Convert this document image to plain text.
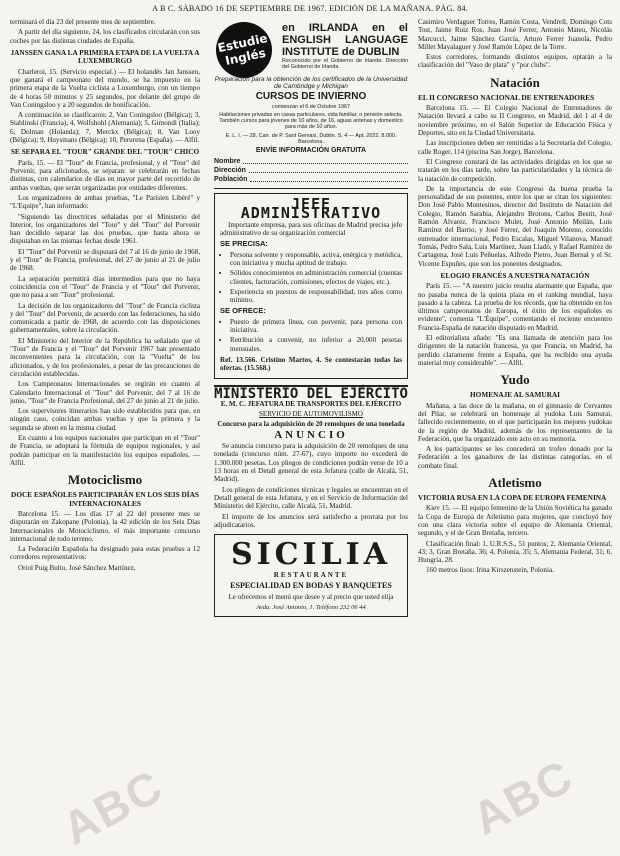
ABC
ABC
A B C. SÁBADO 16 DE SEPTIEMBRE DE 1967. EDICIÓN DE LA MAÑANA. PÁG. 84.

terminará el día 23 del presente mes de septiembre.

A partir del día siguiente, 24, los clasificados circularán con sus coches por las distintas ciudades de España.

JANSSEN GANA LA PRIMERA ETAPA DE LA VUELTA A LUXEMBURGO

Charleroi, 15. (Servicio especial.) — El holandés Jan Janssen, que ganará el campeonato del mundo, se ha impuesto en la primera etapa de la Vuelta ciclista a Luxemburgo, con un tiempo de 4 horas 50 minutos y 25 segundos, por delante del grupo de Van Coningsloo y a 20 segundos de bonificación.

A continuación se clasificaron: 2, Van Coningsloo (Bélgica); 3, Stablinski (Francia), 4, Wolfshohl (Alemania); 5, Gimondi (Italia); 6, Dolman (Holanda); 7, Merckx (Bélgica); 8, Van Looy (Bélgica); 9, Huysmans (Bélgica); 10, Perurena (España). — Alfil.

SE SEPARA EL "TOUR" GRANDE DEL "TOUR" CHICO

París, 15. — El "Tour" de Francia, profesional, y el "Tour" del Porvenir, para aficionados, se separan: se celebrarán en fechas distintas, con calendarios de días en mayor parte del recorrido de ambas vueltas, que serán organizadas por entidades diferentes.

Los organizadores de ambas pruebas, "Le Parisien Libéré" y "L'Equipe", han informado:

"Siguiendo las directrices señaladas por el Ministerio del Interior, los organizadores del "Tour" y del "Tour" del Porvenir han decidido separar las dos pruebas, que hasta ahora se disputaban en las mismas fechas desde 1961.

El "Tour" del Porvenir se disputará del 7 al 16 de junio de 1968, y el "Tour" de Francia, profesional, del 27 de junio al 21 de julio de 1968.

La separación permitirá días intermedios para que no haya coincidencia con el "Tour" de Francia y el "Tour" del Porvenir, que no pasa a ser "Tour" profesional.

La decisión de los organizadores del "Tour" de Francia ciclista y del "Tour" del Porvenir, de acuerdo con las federaciones, ha sido comunicada a partir de 1968, de acuerdo con las disposiciones gubernamentales, sobre la circulación.

El Ministerio del Interior de la República ha señalado que el "Tour" de Francia y el "Tour" del Porvenir 1967 han presentado inconvenientes para la circulación, con la "Vuelta" de los aficionados, y de los profesionales, a pesar de las precauciones de circulación establecidas.

Los Campeonatos Internacionales se regirán en cuanto al Calendario Internacional el "Tour" del Porvenir, del 7 al 16 de junio, "Tour" de Francia Profesional, del 27 de junio al 21 de julio.

Los supervisores itinerarios han sido establecidos para que, en ningún caso, coincidan ambas vueltas y que la primera y la segunda se abren en la misma ciudad.

En cuanto a los equipos nacionales que participan en el "Tour" de Francia, se adoptará la fórmula de equipos regionales, y así podrán participar en la manifestación los equipos españoles. — Alfil.

Motociclismo
DOCE ESPAÑOLES PARTICIPARÁN EN LOS SEIS DÍAS INTERNACIONALES

Barcelona 15. — Los días 17 al 22 del presente mes se disputarán en Zakopane (Polonia), la 42 edición de los Seis Días Internacionales de Motociclismo, el más importante concurso internacional de todo terreno.

La Federación Española ha designado para estas pruebas a 12 corredores representativos:

Oriol Puig Bulto, José Sánchez Martínez,

Estudie Inglés
en IRLANDA en el ENGLISH LANGUAGE INSTITUTE de DUBLIN
Reconocido por el Gobierno de Irlanda. Dirección del Gobierno de Irlanda.
Preparación para la obtención de los certificados de la Universidad de Cambridge y Michigan
CURSOS DE INVIERNO
comienzan el 6 de Octubre 1967
Habitaciones privadas en casas particulares, vida familiar, o pensión selecta. También cursos para jóvenes de 10 años, de 16, aguas antenas y domestico para más de 10 años.
E. L. I. — 28, Carr. de P. Sant Gervasi, Dublin. S. 4 — Apt. 2022, 8.000. Barcelona.
ENVÍE INFORMACIÓN GRATUITA
Nombre
Dirección
Población
JEFE ADMINISTRATIVO

Importante empresa, para sus oficinas de Madrid precisa jefe administrativo de su organización comercial

SE PRECISA:
• Persona solvente y responsable, activa, enérgica y metódica, con iniciativa y mucha aptitud de trabajo.
• Sólidos conocimientos en administración comercial (cuentas clientes, facturación, comisiones, efectos de viajes, etc.).
• Experiencia en puestos de responsabilidad, tres años como mínimo.
SE OFRECE:
• Puesto de primera línea, con porvenir, para persona con iniciativa.
• Retribución a convenir, no inferior a 20.000 pesetas mensuales.

Ref. 13.566. Cristino Martos, 4. Se contestarán todas las ofertas. (15.568.)

MINISTERIO DEL EJÉRCITO
E. M. C. JEFATURA DE TRANSPORTES DEL EJÉRCITO
SERVICIO DE AUTOMOVILISMO
Concurso para la adquisición de 20 remolques de una tonelada
ANUNCIO

Se anuncia concurso para la adquisición de 20 remolques de una tonelada (concurso núm. 27-67), cuyo importe no excederá de 1.300.000 pesetas. Los pliegos de condiciones podrán verse de 10 a 13 horas en el Detall general de esta Jefatura (calle de Alcalá, 51, Madrid).

Los pliegos de condiciones técnicas y legales se encuentran en el Detall general de esta Jefatura, y en el Servicio de Información del Ministerio del Ejército, calle Alcalá, 51, Madrid.

El importe de los anuncios será satisfecho a prorrata por los adjudicatarios.

SICILIA
RESTAURANTE
ESPECIALIDAD EN BODAS Y BANQUETES
Le ofrecemos el menú que desee y al precio que usted elija
Avda. José Antonio, 1. Teléfono 232 06 44

Casimiro Verdaguer Torres, Ramón Costa, Vendrell, Domingo Cots Tost, Jaime Ruiz Ros, Juan José Ferrer, Antonio Mateu, Nicolás Marcucci, Jaime Sánchez García, Arturo Ferrer Juanola, Pedro Millet Mayalaguer y José Ramón López de la Torre.

Estos corredores, formando distintos equipos, optarán a la clasificación del "Vaso de plata" y "por clubs".

Natación
EL II CONGRESO NACIONAL DE ENTRENADORES

Barcelona 15. — El Colegio Nacional de Entrenadores de Natación llevará a cabo su II Congreso, en Madrid, del 1 al 4 de noviembre próximo, en el Salón Superior de Educación Física y Deportes, sito en la Ciudad Universitaria.

Las inscripciones deben ser remitidas a la Secretaría del Colegio, calle Roger, 114 (piscina San Jorge), Barcelona.

El Congreso constará de las actividades dirigidas en los que se tratarán en los días tarde, sobre las particularidades y la técnica de la natación de competición.

De la importancia de este Congreso da buena prueba la personalidad de sus ponentes, entre los que se citan los siguientes: Don José Pablo Montesinos, director del Instituto de Natación del Colegio, Ramón Sarabia, Alejandro Brotons, Carlos Bestit, José Ramón Alvarez, Francisco Mulet, José Antonio Meilán, Luis Ramírez del Barrio, y José Ferrer, del Joaquín Moreno, conocido entrenador internacional, Pedro Escalas, Miguel Vilanova, Manuel Tomás, Pedro Sala, Luis Martínez, Juan Lladó, y Rafael Ramírez de Cartagena, José Luis Peñuelas, Alfredo Pietro, Juan Bernal y el Sr. Vicente Espuñes, que son los ponentes designados.

ELOGIO FRANCÉS A NUESTRA NATACIÓN

París 15. — "A nuestro juicio resulta alarmante que España, que no pasaba nunca de la quinta plaza en el ranking mundial, haya pasado a la cabeza. La prueba de los récords, que ha obtenido en los últimos campeonatos de Europa, el éxito de los españoles es evidente", comenta "L'Équipe", comentando el reciente encuentro Francia-España de natación disputado en Madrid.

El editorialista añade: "Es una llamada de atención para los dirigentes de la natación francesa, ya que Francia, en Madrid, ha perdido claramente frente a España, que ha recibido una ayuda material muy considerable". — Alfil.

Yudo
HOMENAJE AL SAMURAI

Mañana, a las doce de la mañana, en el gimnasio de Cervantes del Pilar, se celebrará un homenaje al yudoka Luis Samurai, fallecido recientemente, en el que participarán los mejores yudokas de la región de Madrid, además de los representantes de la Federación, que ha organizado este acto en su memoria.

A los participantes se les concederá un trofeo donado por la Federación a los ganadores de las distintas categorías, en el combate final.

Atletismo
VICTORIA RUSA EN LA COPA DE EUROPA FEMENINA

Kiev 15. — El equipo femenino de la Unión Soviética ha ganado la Copa de Europa de Atletismo para mujeres, que concluyó hoy con una clara victoria sobre el equipo de Alemania Oriental, segundo, y el de Gran Bretaña, tercero.

Clasificación final: 1, U.R.S.S., 51 puntos; 2, Alemania Oriental, 43; 3, Gran Bretaña, 36; 4, Polonia, 35; 5, Alemania Federal, 31; 6, Hungría, 28.

160 metros lisos: Irina Kirszenstein, Polonia.
